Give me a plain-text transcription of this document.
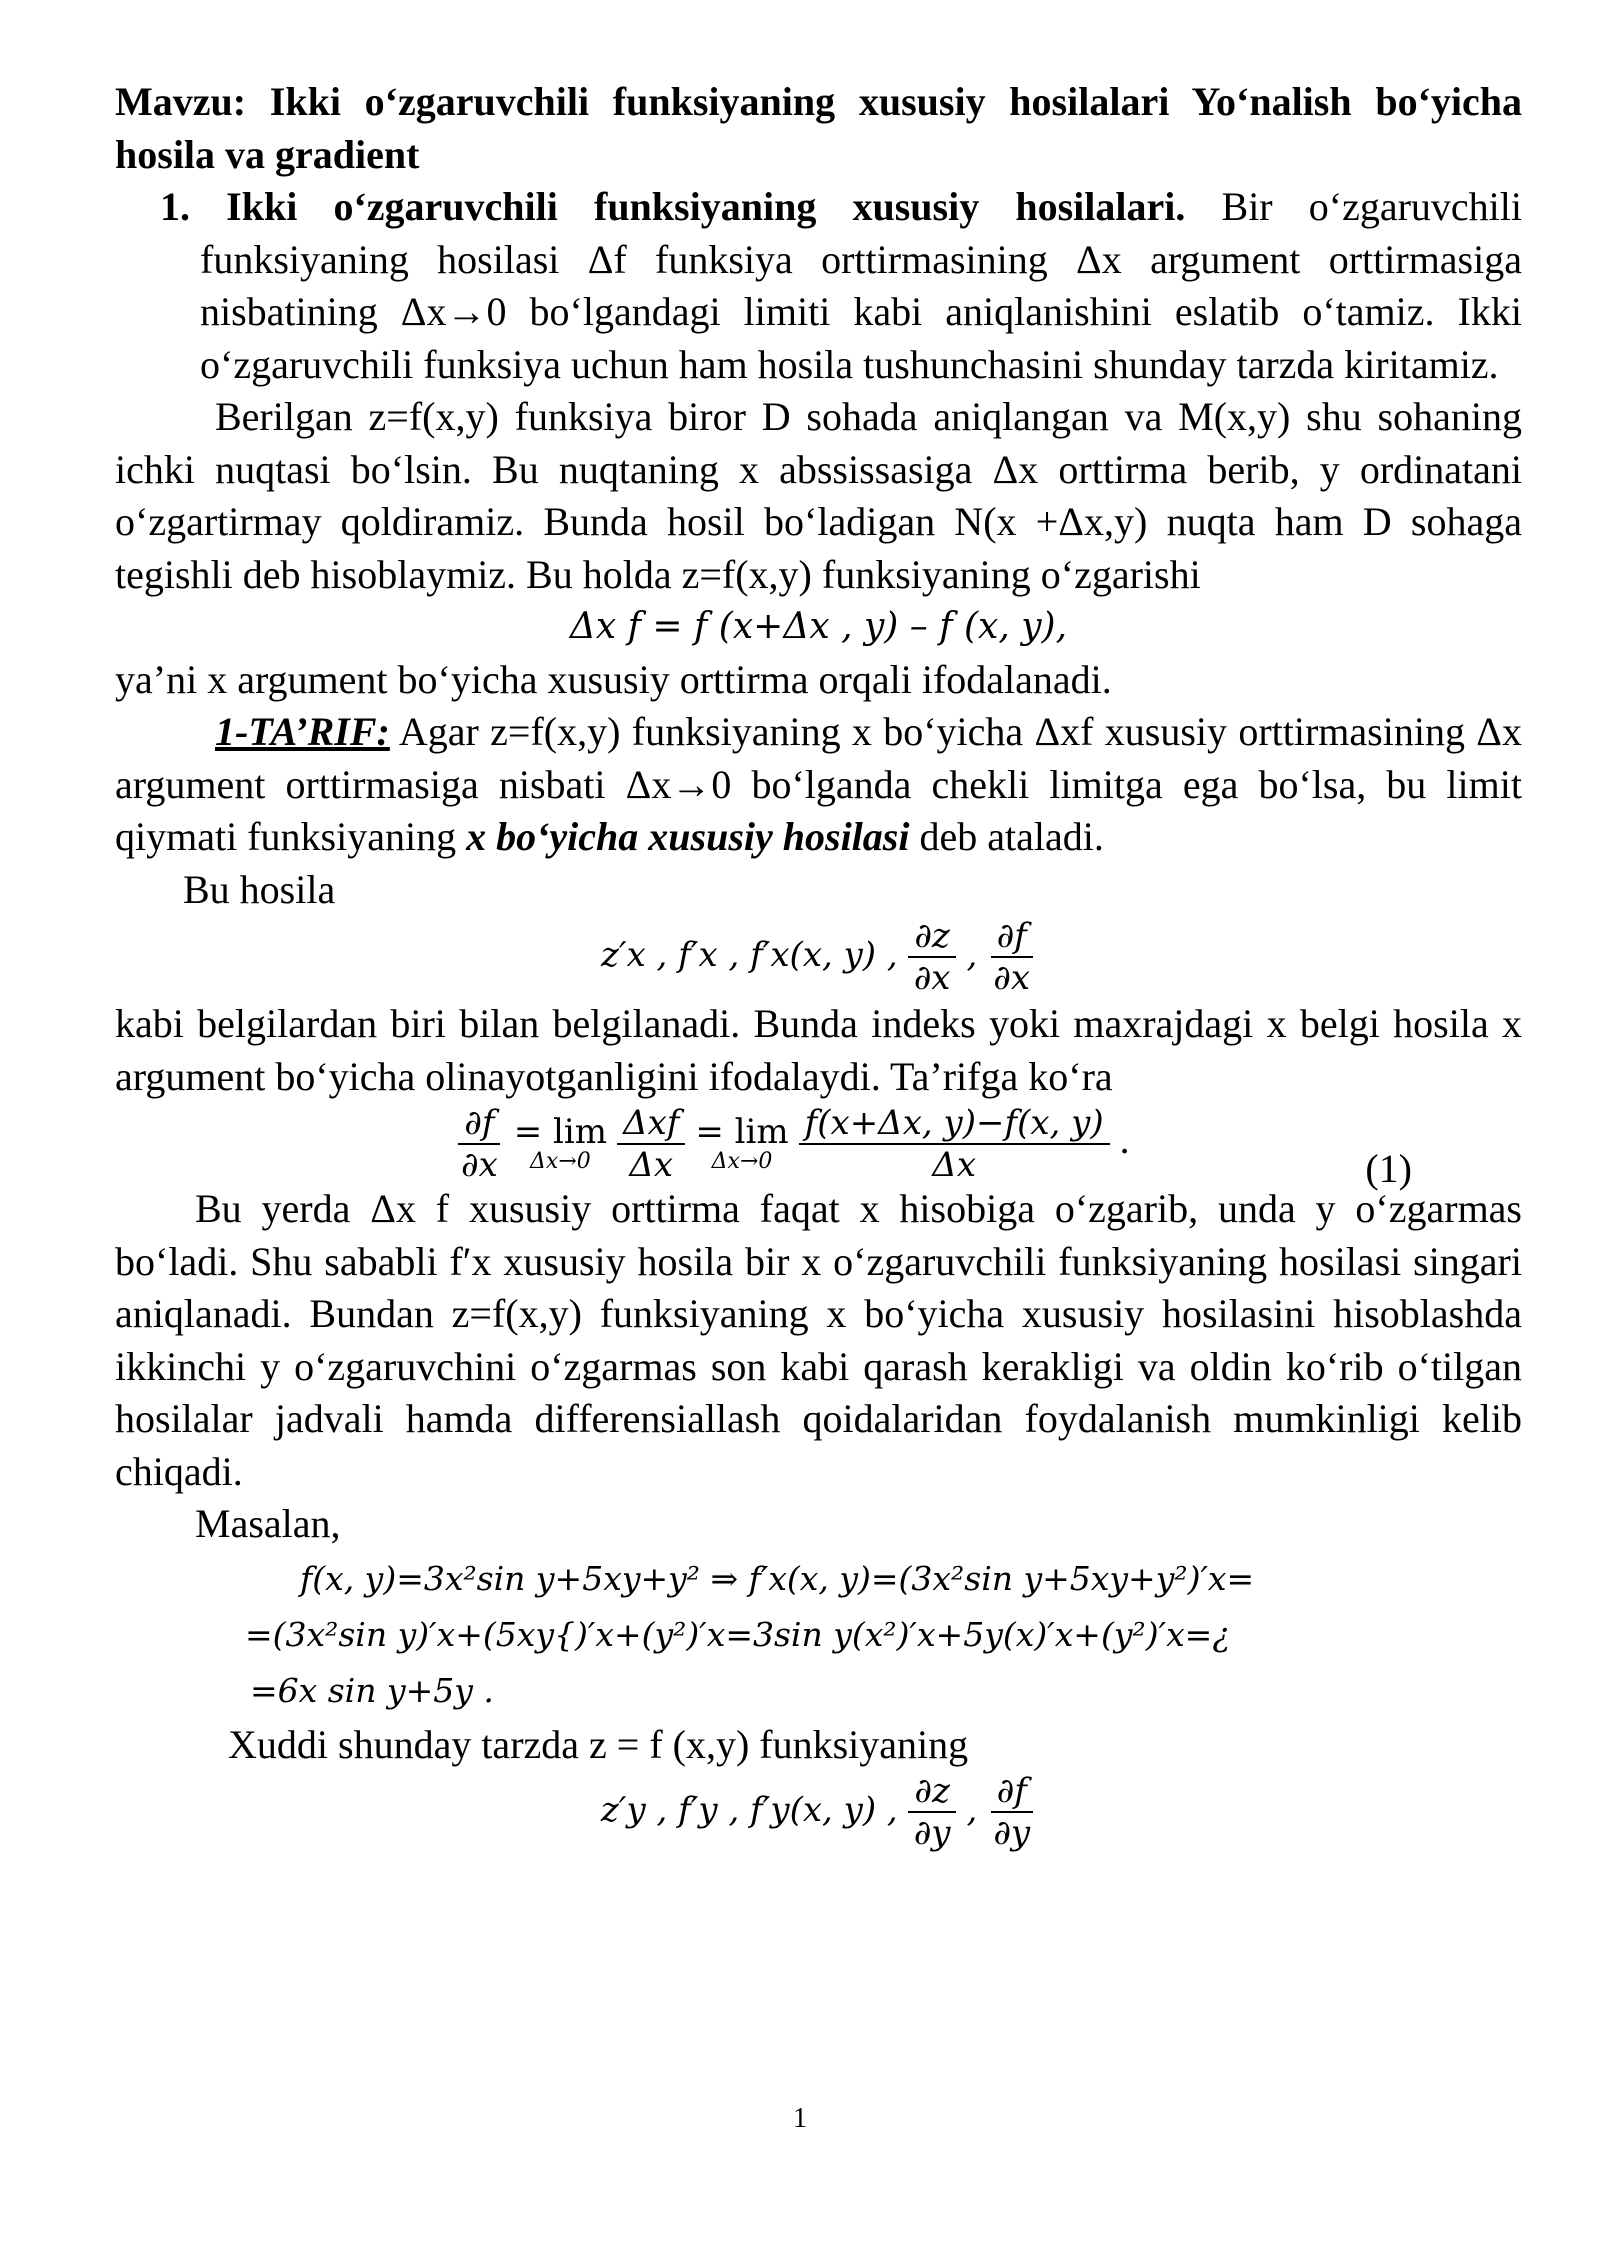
Mavzu: Ikki o‘zgaruvchili funksiyaning xususiy hosilalari Yo‘nalish bo‘yicha hosila va gradient

1. Ikki o‘zgaruvchili funksiyaning xususiy hosilalari. Bir o‘zgaruvchili funksiyaning hosilasi Δf funksiya orttirmasining Δx argument orttirmasiga nisbatining Δx→0 bo‘lgandagi limiti kabi aniqlanishini eslatib o‘tamiz. Ikki o‘zgaruvchili funksiya uchun ham hosila tushunchasini shunday tarzda kiritamiz.

Berilgan z=f(x,y) funksiya biror D sohada aniqlangan va M(x,y) shu sohaning ichki nuqtasi bo‘lsin. Bu nuqtaning x abssissasiga Δx orttirma berib, y ordinatani o‘zgartirmay qoldiramiz. Bunda hosil bo‘ladigan N(x +Δx,y) nuqta ham D sohaga tegishli deb hisoblaymiz. Bu holda z=f(x,y) funksiyaning o‘zgarishi

Δx f = f (x+Δx , y) – f (x, y),

ya’ni x argument bo‘yicha xususiy orttirma orqali ifodalanadi.

1-TA’RIF: Agar z=f(x,y) funksiyaning x bo‘yicha Δxf xususiy orttirmasining Δx argument orttirmasiga nisbati Δx→0 bo‘lganda chekli limitga ega bo‘lsa, bu limit qiymati funksiyaning x bo‘yicha xususiy hosilasi deb ataladi.

Bu hosila

z′x , f′x , f′x(x, y) , $\frac{\partial z}{\partial x}$ , $\frac{\partial f}{\partial x}$

kabi belgilardan biri bilan belgilanadi. Bunda indeks yoki maxrajdagi x belgi hosila x argument bo‘yicha olinayotganligini ifodalaydi. Ta’rifga ko‘ra

$\frac{\partial f}{\partial x}$
= lim
Δx→0
$\frac{\text{Δxf}}{\Delta x}$
= lim
Δx→0
$\frac{f(x+\Delta x, y)-f(x, y)}{\Delta x}$ .
(1)

Bu yerda Δx f xususiy orttirma faqat x hisobiga o‘zgarib, unda y o‘zgarmas bo‘ladi. Shu sababli f′x xususiy hosila bir x o‘zgaruvchili funksiyaning hosilasi singari aniqlanadi. Bundan z=f(x,y) funksiyaning x bo‘yicha xususiy hosilasini hisoblashda ikkinchi y o‘zgaruvchini o‘zgarmas son kabi qarash kerakligi va oldin ko‘rib o‘tilgan hosilalar jadvali hamda differensiallash qoidalaridan foydalanish mumkinligi kelib chiqadi.

Masalan,

f(x, y)=3x²sin y+5xy+y² ⇒ f′x(x, y)=(3x²sin y+5xy+y²)′x=

=(3x²sin y)′x+(5xy{)′x+(y²)′x=3sin y(x²)′x+5y(x)′x+(y²)′x=¿

=6x sin y+5y .

Xuddi shunday tarzda z = f (x,y) funksiyaning

z′y , f′y , f′y(x, y) , $\frac{\partial z}{\partial y}$ , $\frac{\partial f}{\partial y}$

1
